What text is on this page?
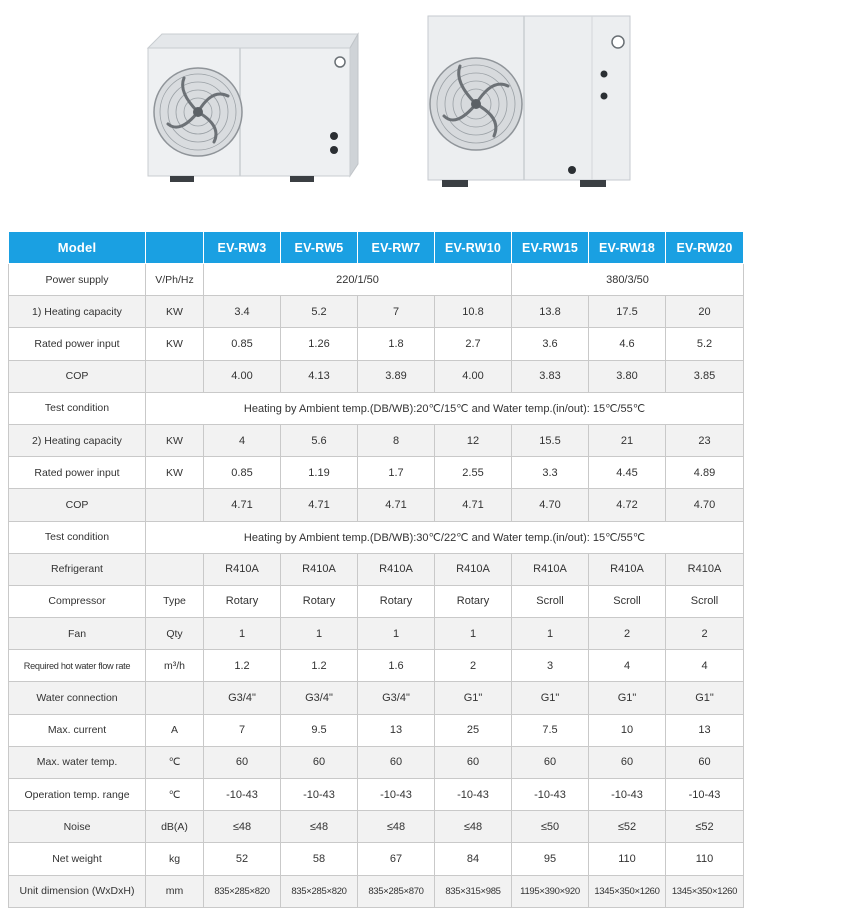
Model		EV-RW3	EV-RW5	EV-RW7	EV-RW10	EV-RW15	EV-RW18	EV-RW20
Power supply	V/Ph/Hz	220/1/50				380/3/50		
1) Heating capacity	KW	3.4	5.2	7	10.8	13.8	17.5	20
Rated power input	KW	0.85	1.26	1.8	2.7	3.6	4.6	5.2
COP		4.00	4.13	3.89	4.00	3.83	3.80	3.85
Test condition	Heating by Ambient temp.(DB/WB):20℃/15℃ and Water temp.(in/out): 15℃/55℃							
2) Heating capacity	KW	4	5.6	8	12	15.5	21	23
Rated power input	KW	0.85	1.19	1.7	2.55	3.3	4.45	4.89
COP		4.71	4.71	4.71	4.71	4.70	4.72	4.70
Test condition	Heating by Ambient temp.(DB/WB):30℃/22℃ and Water temp.(in/out): 15℃/55℃							
Refrigerant		R410A	R410A	R410A	R410A	R410A	R410A	R410A
Compressor	Type	Rotary	Rotary	Rotary	Rotary	Scroll	Scroll	Scroll
Fan	Qty	1	1	1	1	1	2	2
Required hot water flow rate	m³/h	1.2	1.2	1.6	2	3	4	4
Water connection		G3/4"	G3/4"	G3/4"	G1"	G1"	G1"	G1"
Max. current	A	7	9.5	13	25	7.5	10	13
Max. water temp.	℃	60	60	60	60	60	60	60
Operation temp. range	℃	-10-43	-10-43	-10-43	-10-43	-10-43	-10-43	-10-43
Noise	dB(A)	≤48	≤48	≤48	≤48	≤50	≤52	≤52
Net weight	kg	52	58	67	84	95	110	110
Unit dimension (WxDxH)	mm	835×285×820	835×285×820	835×285×870	835×315×985	1195×390×920	1345×350×1260	1345×350×1260
